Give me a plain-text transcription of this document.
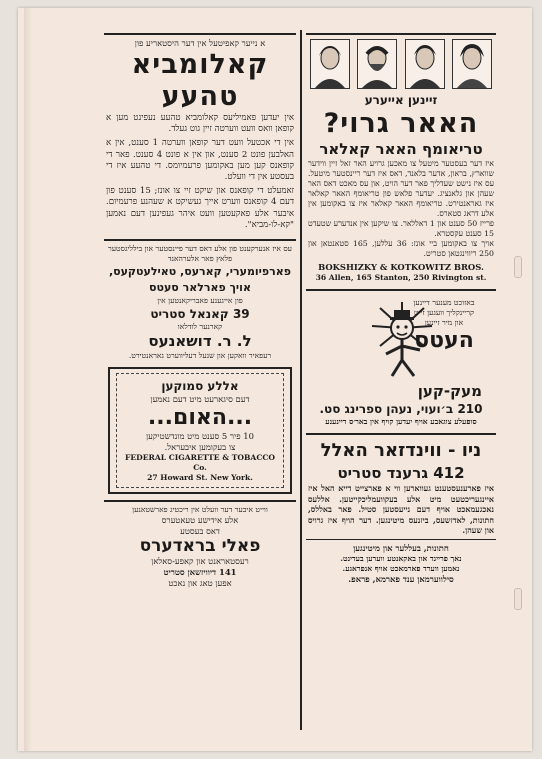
א נייער קאפיטעל אין דער היסטאריע פון
קאלומביא
טהעע
אין יעדען פאמיליעס קאלומביא טהעע נעפינט מען א קופאן וואס וועט ווערטה זיין גוט געלד.
אין די אכטעל וועט דער קופאן ווערטה 1 סענט, אין א האלבען פונט 2 סענט, און אין א פונט 4 סענט. פאר די קופאנס קען מען באקומען פרעמיומס. די טהעע איז די בעסטע אין די וועלט.
זאמעלט די קופאנס און שיקט זיי צו אונז; 15 סענט פון דעם 4 קופאנס ווערט אייך געשיקט א שעהנע פרעמיום. איבער אלע פאקעטען וועט איהר געפינען דעם נאמען "קא-לו-מביא".
עס איז אנערקענט פון אלע דאס דער פיינסטער און בילליגסטער פלאץ פאר אלערהאנד
פארפיומערי, קארעס, טאילעטקעס,
אויך פארלאר סעטס
פון אייגענע פאבריקאנטען אין
39 קאנאל סטריט
קארנער לודלאו
ל. ר. דושאנעס
רעפאיר וואקען און שנעל דעליווערט גאראנטירט.
אללע סמוקען
דעם סיגארעט מיט דעם נאמען
...האום...
10 פיר 5 סענט מיט מונדשטיקען
צו בעקומען איבעראל.
FEDERAL CIGARETTE & TOBACCO Co.
27 Howard St. New York.
ווייט איבער דער וועלט אין ריכטיג פארשטאנען
אלע אידישע טעאטערס
דאס בעסטע
פאלי בראדערס
רעסטאראנט און קאפע-סאלאן
141 דיוויזשאן סטריט
אפען טאג און נאכט
זיינען אייערע
האאר גרוי?
טריאומף האאר קאלאר
איז דער בעסטער מיטעל צו מאכען גרויע האר זאל זיין ווידער שווארץ, בראון, אדער בלאנד, דאס איז דער ריינסטער מיטעל. עס איז נישט שעדליך פאר דער הויט, און עס מאכט דאס האר שעהן און גלאנציג. יעדער פלאש פון טריאומף האאר קאלאר איז גאראנטירט. טריאומף האאר קאלאר איז צו באקומען אין אלע דראג סטארס.
פרייז 50 סענט און 1 דאללאר. צו שיקען אין אנדערע שטעדט 15 סענט עקסטרא.
אויך צו באקומען ביי אונז: 36 עללען, 165 סטאנטאן און 250 ריווינגטאן סטריט.
BOKSHIZKY & KOTKOWITZ BROS.
36 Allen, 165 Stanton, 250 Rivington st.
באזוכט מענער דיינען
קריינקליך וועגען זייט
און מיר זיינען
העטס
מעק-קען
210 ב׳ועוי, נעהן ספרינג סט.
סופעלע צוגאבע אויף יעדען קויף אין באר׳ס דיינענע
ניו - ווינדזאר האלל
412 גרענד סטריט
איז פארענעסטענט געווארען ווי א פארצייט דייא האל איז איינגעריכטעט מיט אלע בעקוועמליכקייטען. אללעס נאכגעמאכט אויף דעם נייעסטען סטיל. פאר באללס, חתונות, לאדזשעס, ביזנעס מיטינגען. דער הויף איז גרויס און שעהן.
חתונות, בעללער און מיטינגען
נאך פריינד און באקאנטע ווערען בעדינט.
נאמען ווערד פארמאכט אויף אנפראגע.
סילווערמאן ענד פארמא, פראפ.
